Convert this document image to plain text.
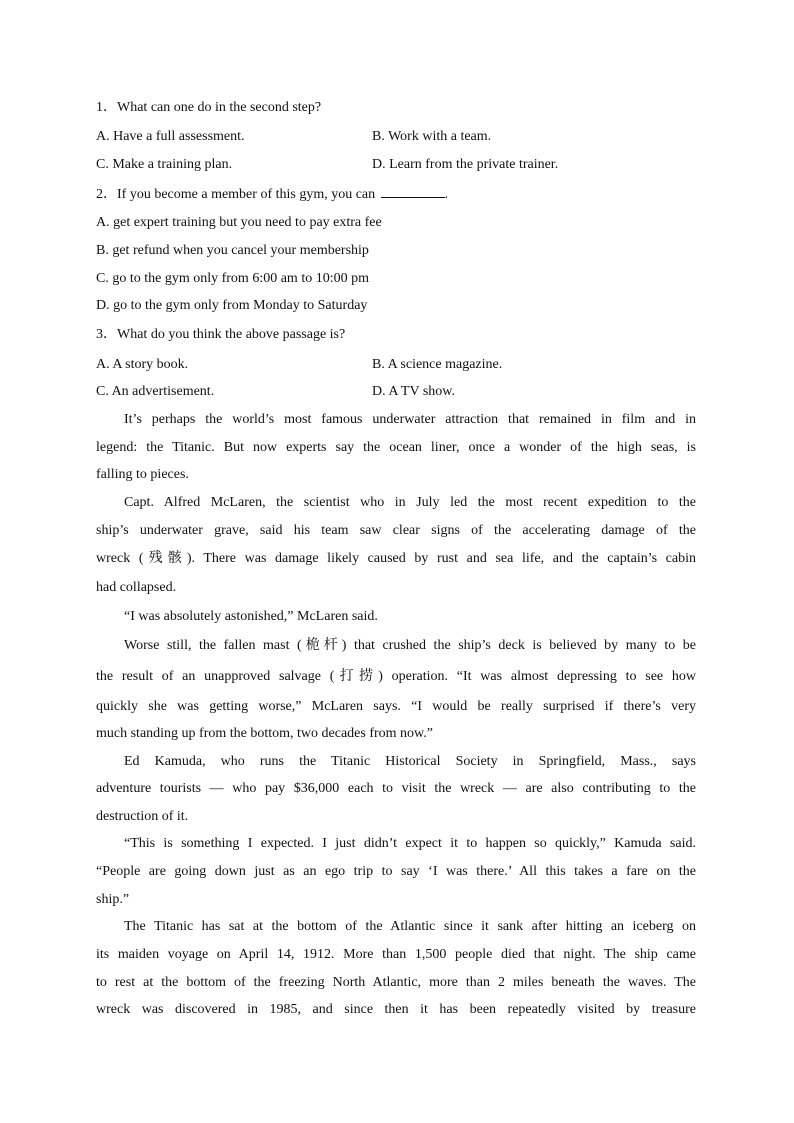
1．What can one do in the second step?
A. Have a full assessment.	B. Work with a team.
C. Make a training plan.	D. Learn from the private trainer.
2．If you become a member of this gym, you can	.
A. get expert training but you need to pay extra fee
B. get refund when you cancel your membership
C. go to the gym only from 6:00 am to 10:00 pm
D. go to the gym only from Monday to Saturday
3．What do you think the above passage is?
A. A story book.	B. A science magazine.
C. An advertisement.	D. A TV show.
It’s perhaps the world’s most famous underwater attraction that remained in film and in
legend: the Titanic. But now experts say the ocean liner, once a wonder of the high seas, is
falling to pieces.
Capt. Alfred McLaren, the scientist who in July led the most recent expedition to the
ship’s underwater grave, said his team saw clear signs of the accelerating damage of the
wreck (残骸). There was damage likely caused by rust and sea life, and the captain’s cabin
had collapsed.
“I was absolutely astonished,” McLaren said.
Worse still, the fallen mast (桅杆) that crushed the ship’s deck is believed by many to be
the result of an unapproved salvage (打捞) operation. “It was almost depressing to see how
quickly she was getting worse,” McLaren says. “I would be really surprised if there’s very
much standing up from the bottom, two decades from now.”
Ed Kamuda, who runs the Titanic Historical Society in Springfield, Mass., says
adventure tourists — who pay $36,000 each to visit the wreck — are also contributing to the
destruction of it.
“This is something I expected. I just didn’t expect it to happen so quickly,” Kamuda said.
“People are going down just as an ego trip to say ‘I was there.’ All this takes a fare on the
ship.”
The Titanic has sat at the bottom of the Atlantic since it sank after hitting an iceberg on
its maiden voyage on April 14, 1912. More than 1,500 people died that night. The ship came
to rest at the bottom of the freezing North Atlantic, more than 2 miles beneath the waves. The
wreck was discovered in 1985, and since then it has been repeatedly visited by treasure
